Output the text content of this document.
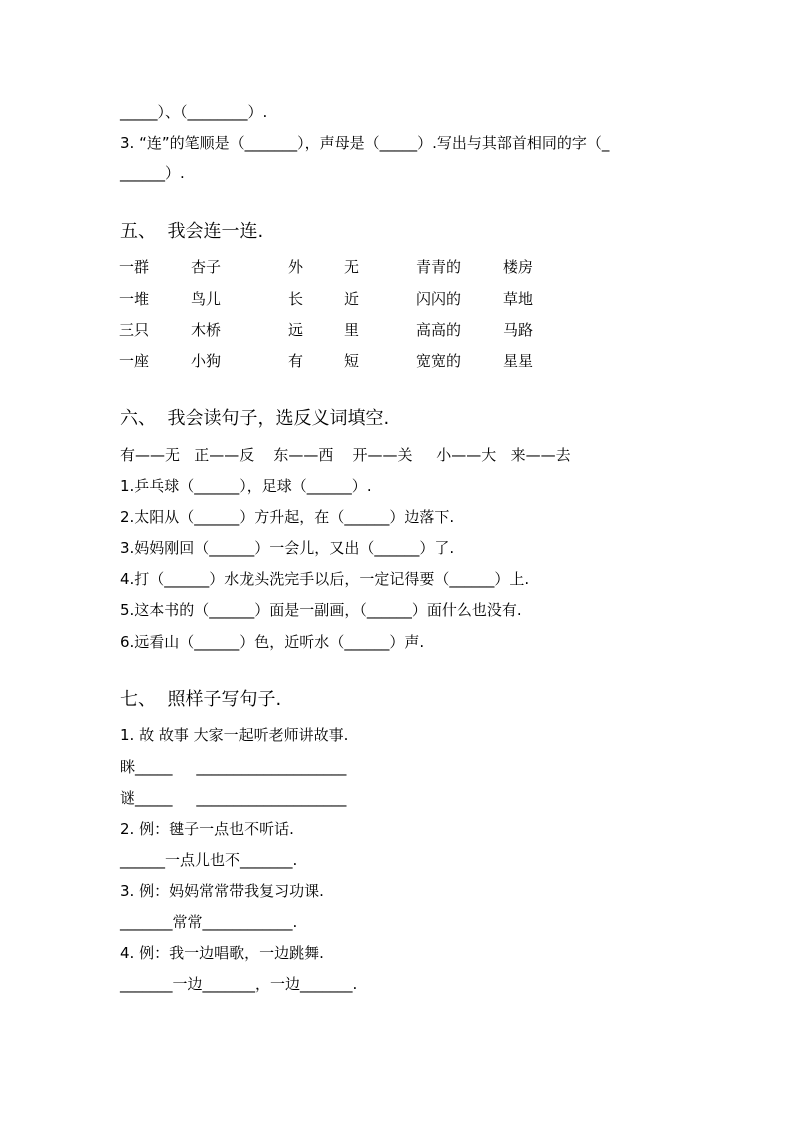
_____）、（________）.
3. “连”的笔顺是（_______），声母是（_____）.写出与其部首相同的字（_
______）.
五、  我会连一连.
一群	杏子	外	无	青青的	楼房
一堆	鸟儿	长	近	闪闪的	草地
三只	木桥	远	里	高高的	马路
一座	小狗	有	短	宽宽的	星星
六、  我会读句子，选反义词填空.
有——无   正——反    东——西    开——关     小——大   来——去
1.乒乓球（______），足球（______）.
2.太阳从（______）方升起，在（______）边落下.
3.妈妈刚回（______）一会儿，又出（______）了.
4.打（______）水龙头洗完手以后，一定记得要（______）上.
5.这本书的（______）面是一副画，（______）面什么也没有.
6.远看山（______）色，近听水（______）声.
七、  照样子写句子.
1. 故 故事 大家一起听老师讲故事.
眯_____     ____________________
谜_____     ____________________
2. 例：毽子一点也不听话.
______一点儿也不_______.
3. 例：妈妈常常带我复习功课.
_______常常____________.
4. 例：我一边唱歌，一边跳舞.
_______一边_______，一边_______.
